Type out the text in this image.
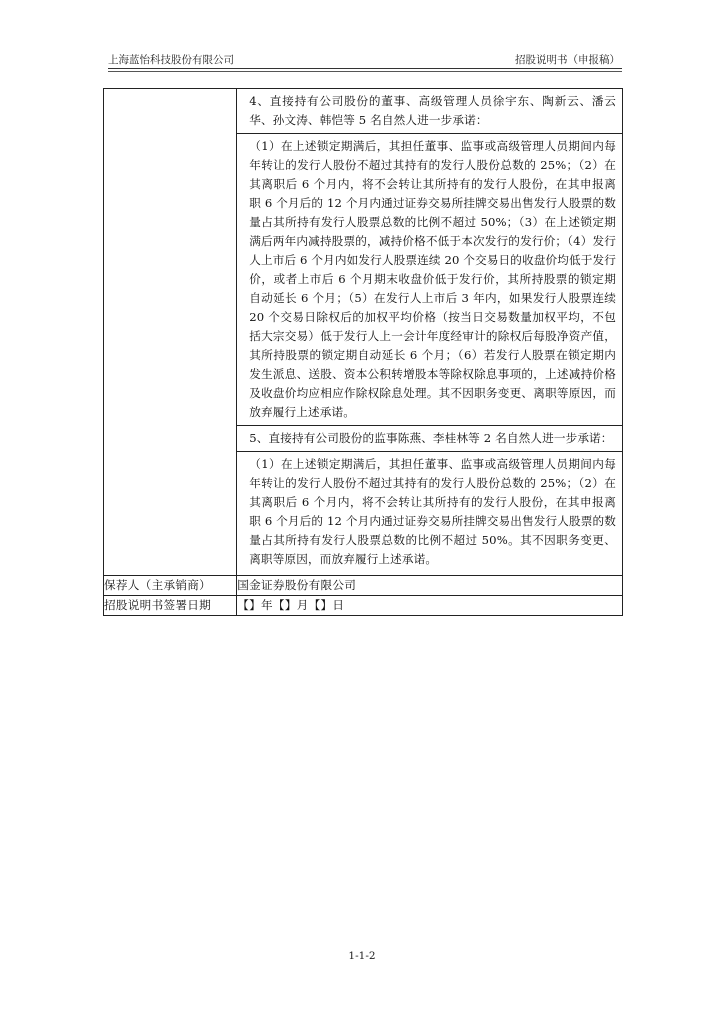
上海蓝怡科技股份有限公司	招股说明书（申报稿）

	4、直接持有公司股份的董事、高级管理人员徐宇东、陶新云、潘云华、孙文涛、韩恺等 5 名自然人进一步承诺：
（1）在上述锁定期满后，其担任董事、监事或高级管理人员期间内每年转让的发行人股份不超过其持有的发行人股份总数的 25%；（2）在其离职后 6 个月内，将不会转让其所持有的发行人股份，在其申报离职 6 个月后的 12 个月内通过证券交易所挂牌交易出售发行人股票的数量占其所持有发行人股票总数的比例不超过 50%；（3）在上述锁定期满后两年内减持股票的，减持价格不低于本次发行的发行价；（4）发行人上市后 6 个月内如发行人股票连续 20 个交易日的收盘价均低于发行价，或者上市后 6 个月期末收盘价低于发行价，其所持股票的锁定期自动延长 6 个月；（5）在发行人上市后 3 年内，如果发行人股票连续 20 个交易日除权后的加权平均价格（按当日交易数量加权平均，不包括大宗交易）低于发行人上一会计年度经审计的除权后每股净资产值，其所持股票的锁定期自动延长 6 个月；（6）若发行人股票在锁定期内发生派息、送股、资本公积转增股本等除权除息事项的，上述减持价格及收盘价均应相应作除权除息处理。其不因职务变更、离职等原因，而放弃履行上述承诺。
5、直接持有公司股份的监事陈燕、李桂林等 2 名自然人进一步承诺：
（1）在上述锁定期满后，其担任董事、监事或高级管理人员期间内每年转让的发行人股份不超过其持有的发行人股份总数的 25%；（2）在其离职后 6 个月内，将不会转让其所持有的发行人股份，在其申报离职 6 个月后的 12 个月内通过证券交易所挂牌交易出售发行人股票的数量占其所持有发行人股票总数的比例不超过 50%。其不因职务变更、离职等原因，而放弃履行上述承诺。

保荐人（主承销商）	国金证券股份有限公司
招股说明书签署日期	【】年【】月【】日
1-1-2
